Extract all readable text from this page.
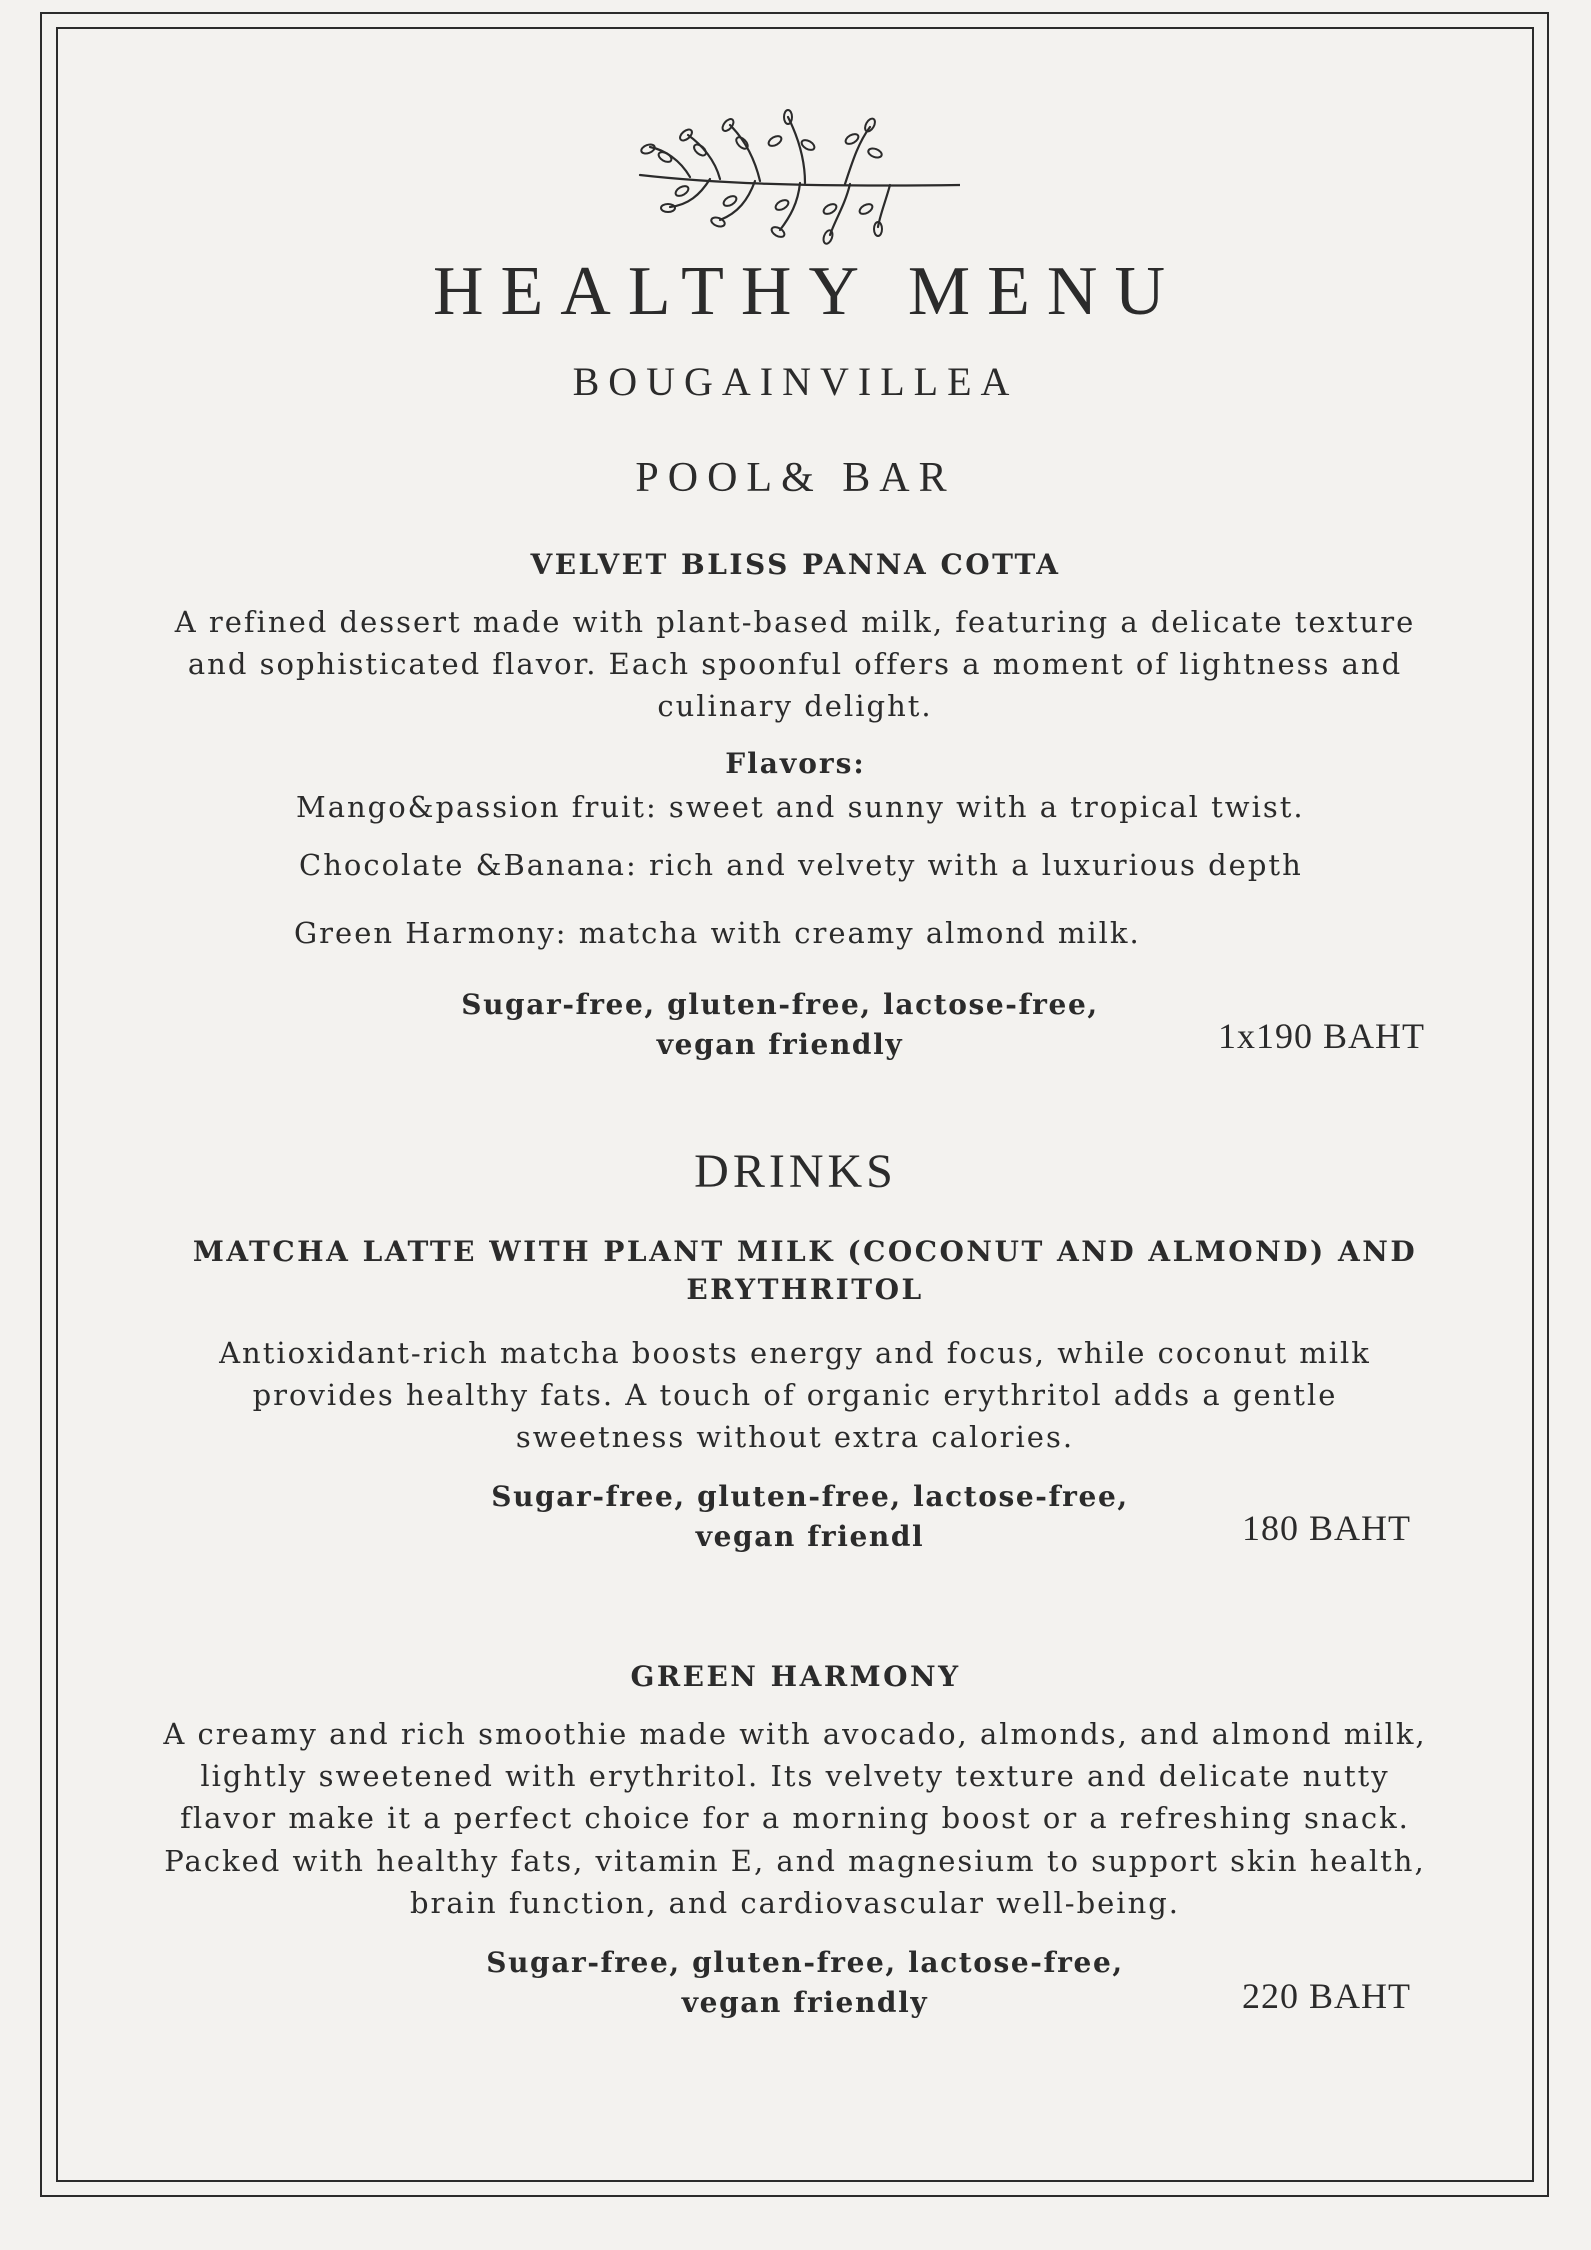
HEALTHY MENU
BOUGAINVILLEA
POOL& BAR
VELVET BLISS PANNA COTTA
A refined dessert made with plant-based milk, featuring a delicate texture and sophisticated flavor. Each spoonful offers a moment of lightness and culinary delight.
Flavors:
Mango&passion fruit: sweet and sunny with a tropical twist.
Chocolate &Banana: rich and velvety with a luxurious depth
Green Harmony: matcha with creamy almond milk.
Sugar-free, gluten-free, lactose-free,
vegan friendly	1x190 BAHT
DRINKS
MATCHA LATTE WITH PLANT MILK (COCONUT AND ALMOND) AND ERYTHRITOL
Antioxidant-rich matcha boosts energy and focus, while coconut milk provides healthy fats. A touch of organic erythritol adds a gentle sweetness without extra calories.
Sugar-free, gluten-free, lactose-free,
vegan friendl	180 BAHT
GREEN HARMONY
A creamy and rich smoothie made with avocado, almonds, and almond milk, lightly sweetened with erythritol. Its velvety texture and delicate nutty flavor make it a perfect choice for a morning boost or a refreshing snack.
Packed with healthy fats, vitamin E, and magnesium to support skin health, brain function, and cardiovascular well-being.
Sugar-free, gluten-free, lactose-free,
vegan friendly	220 BAHT
